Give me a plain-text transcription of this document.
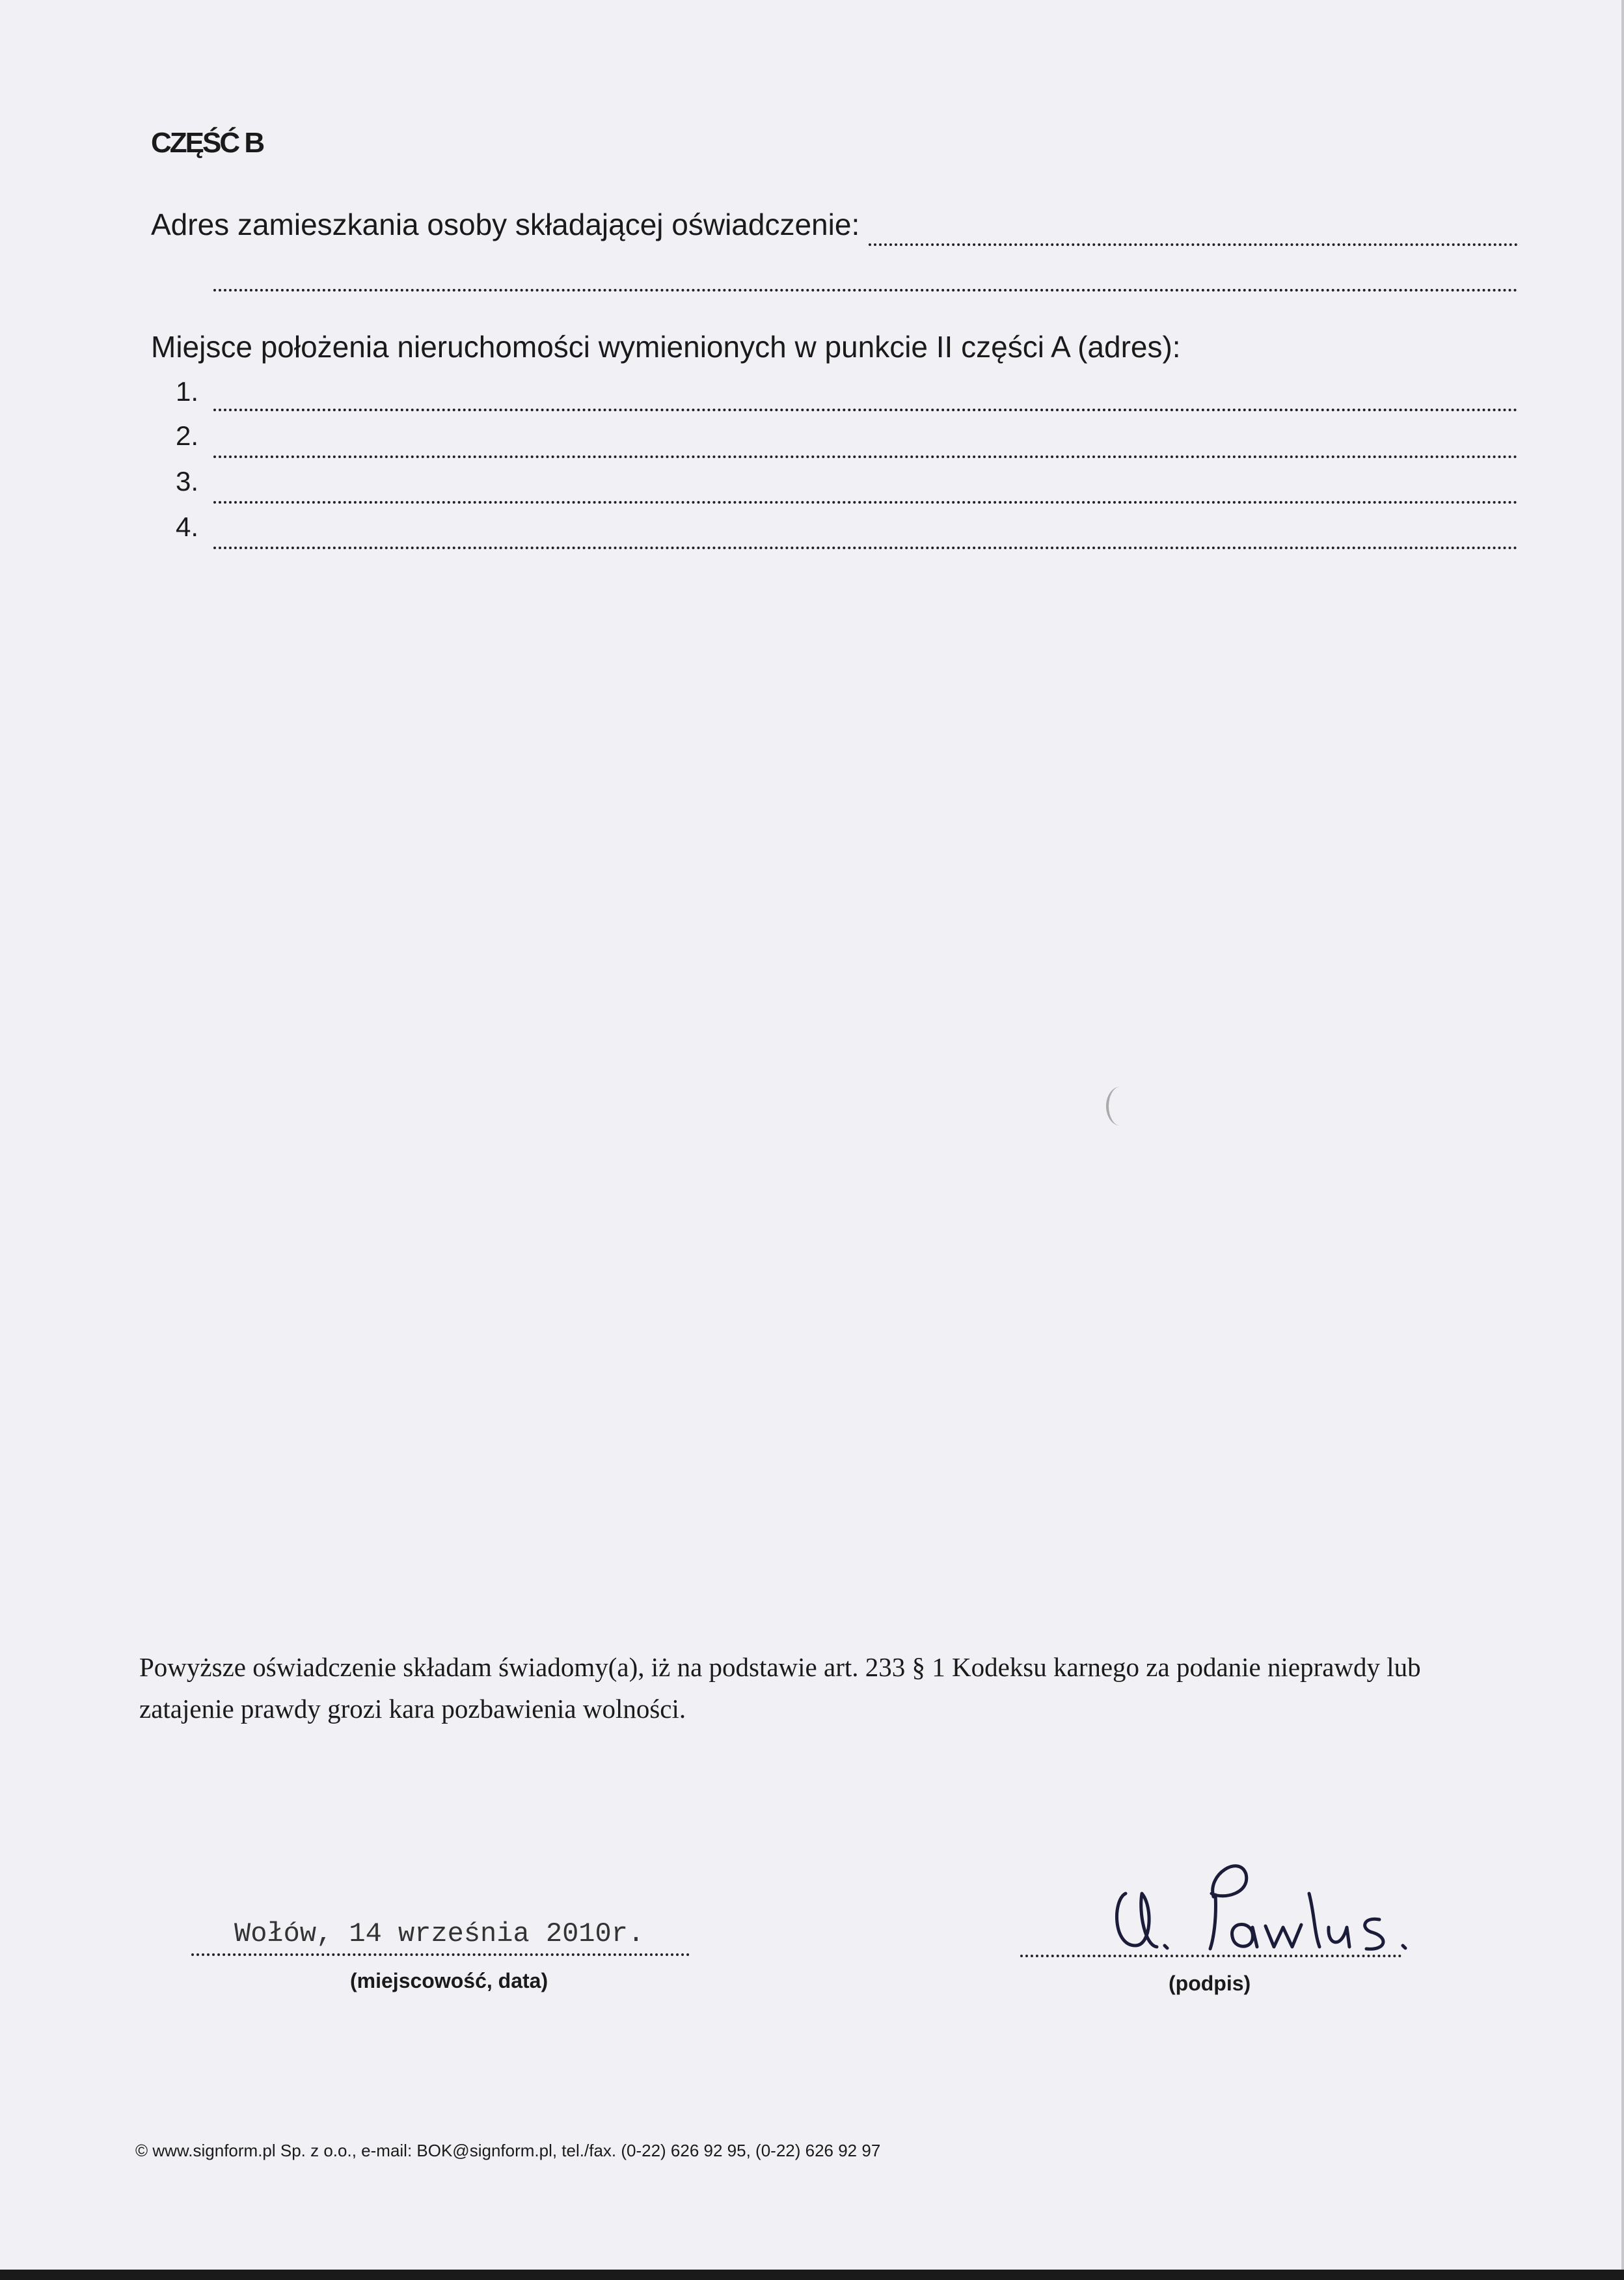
CZĘŚĆ B
Adres zamieszkania osoby składającej oświadczenie:
Miejsce położenia nieruchomości wymienionych w punkcie II części A (adres):
1.
2.
3.
4.
Powyższe oświadczenie składam świadomy(a), iż na podstawie art. 233 § 1 Kodeksu karnego za podanie nieprawdy lub zatajenie prawdy grozi kara pozbawienia wolności.
Wołów, 14 września 2010r.
(miejscowość, data)	(podpis)
© www.signform.pl Sp. z o.o., e-mail: BOK@signform.pl, tel./fax. (0-22) 626 92 95, (0-22) 626 92 97
